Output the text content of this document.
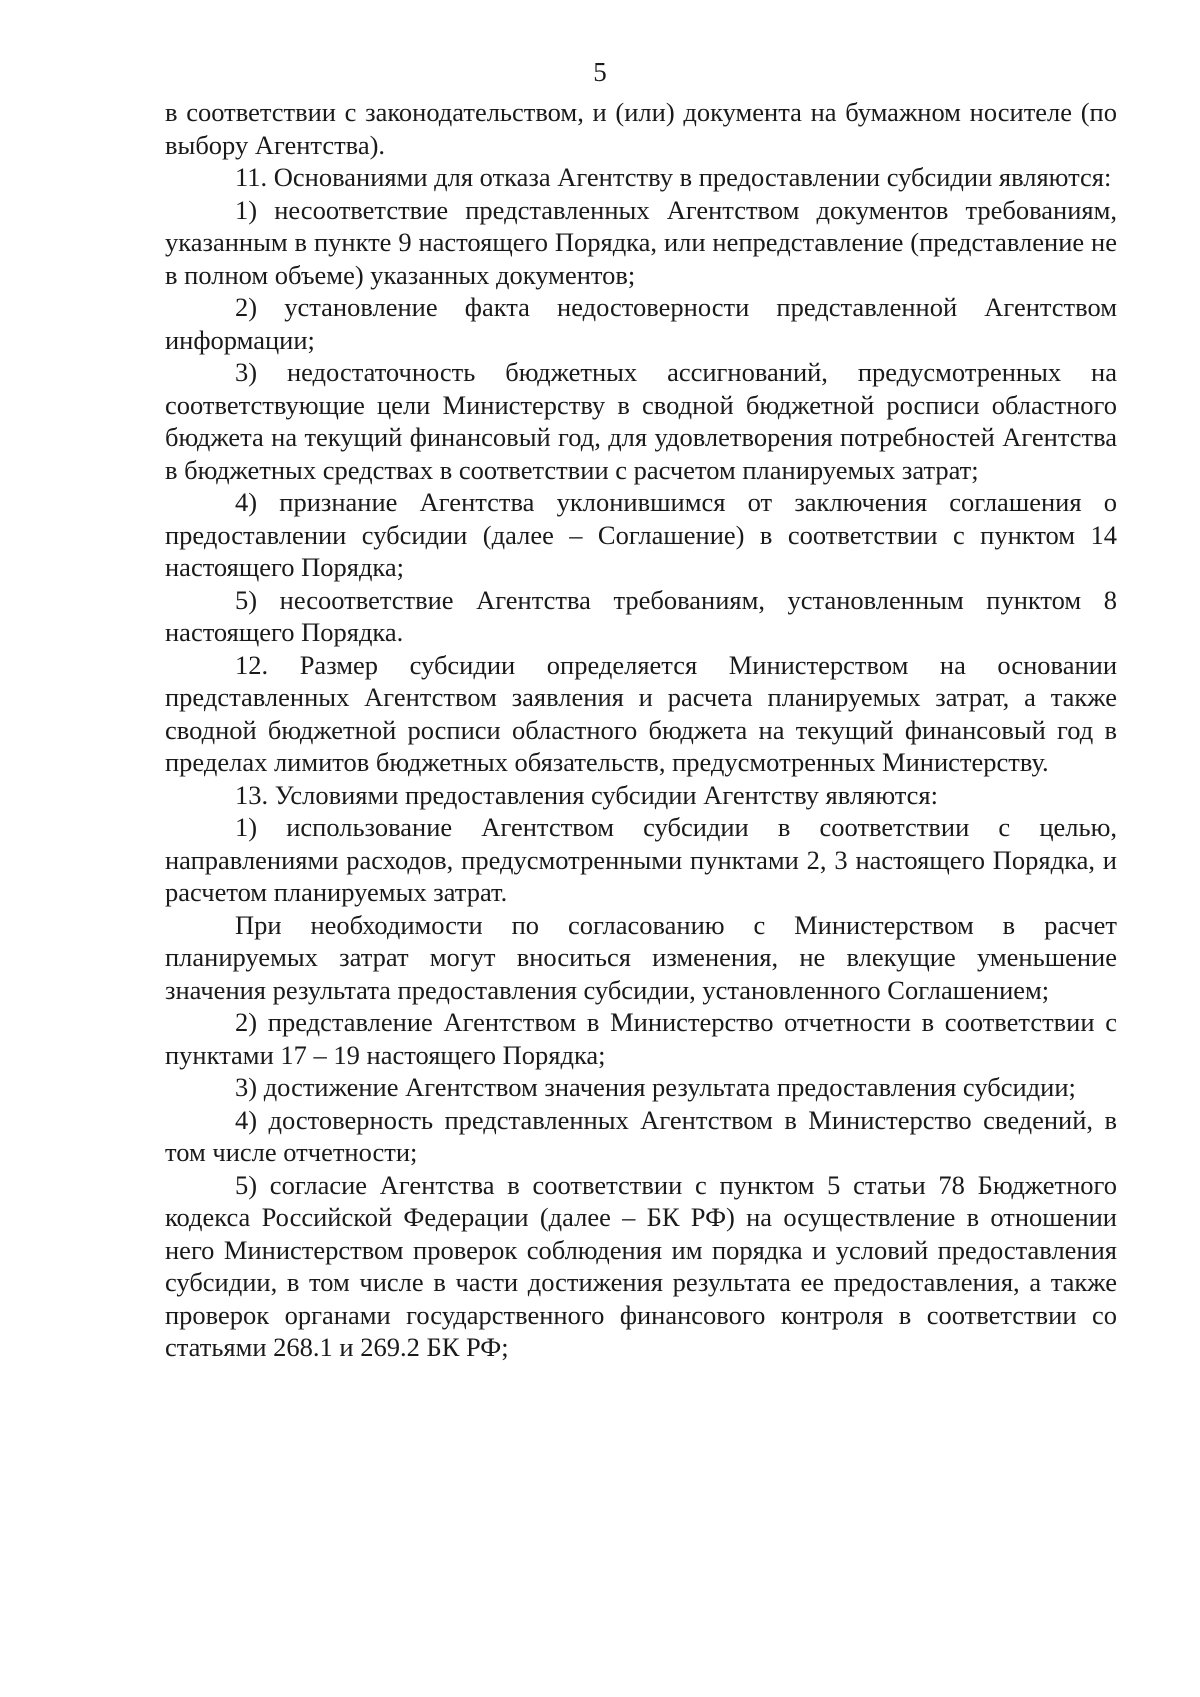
5

в соответствии с законодательством, и (или) документа на бумажном носителе (по выбору Агентства).

11. Основаниями для отказа Агентству в предоставлении субсидии являются:

1) несоответствие представленных Агентством документов требованиям, указанным в пункте 9 настоящего Порядка, или непредставление (представление не в полном объеме) указанных документов;

2) установление факта недостоверности представленной Агентством информации;

3) недостаточность бюджетных ассигнований, предусмотренных на соответствующие цели Министерству в сводной бюджетной росписи областного бюджета на текущий финансовый год, для удовлетворения потребностей Агентства в бюджетных средствах в соответствии с расчетом планируемых затрат;

4) признание Агентства уклонившимся от заключения соглашения о предоставлении субсидии (далее – Соглашение) в соответствии с пунктом 14 настоящего Порядка;

5) несоответствие Агентства требованиям, установленным пунктом 8 настоящего Порядка.

12. Размер субсидии определяется Министерством на основании представленных Агентством заявления и расчета планируемых затрат, а также сводной бюджетной росписи областного бюджета на текущий финансовый год в пределах лимитов бюджетных обязательств, предусмотренных Министерству.

13. Условиями предоставления субсидии Агентству являются:

1) использование Агентством субсидии в соответствии с целью, направлениями расходов, предусмотренными пунктами 2, 3 настоящего Порядка, и расчетом планируемых затрат.

При необходимости по согласованию с Министерством в расчет планируемых затрат могут вноситься изменения, не влекущие уменьшение значения результата предоставления субсидии, установленного Соглашением;

2) представление Агентством в Министерство отчетности в соответствии с пунктами 17 – 19 настоящего Порядка;

3) достижение Агентством значения результата предоставления субсидии;

4) достоверность представленных Агентством в Министерство сведений, в том числе отчетности;

5) согласие Агентства в соответствии с пунктом 5 статьи 78 Бюджетного кодекса Российской Федерации (далее – БК РФ) на осуществление в отношении него Министерством проверок соблюдения им порядка и условий предоставления субсидии, в том числе в части достижения результата ее предоставления, а также проверок органами государственного финансового контроля в соответствии со статьями 268.1 и 269.2 БК РФ;
